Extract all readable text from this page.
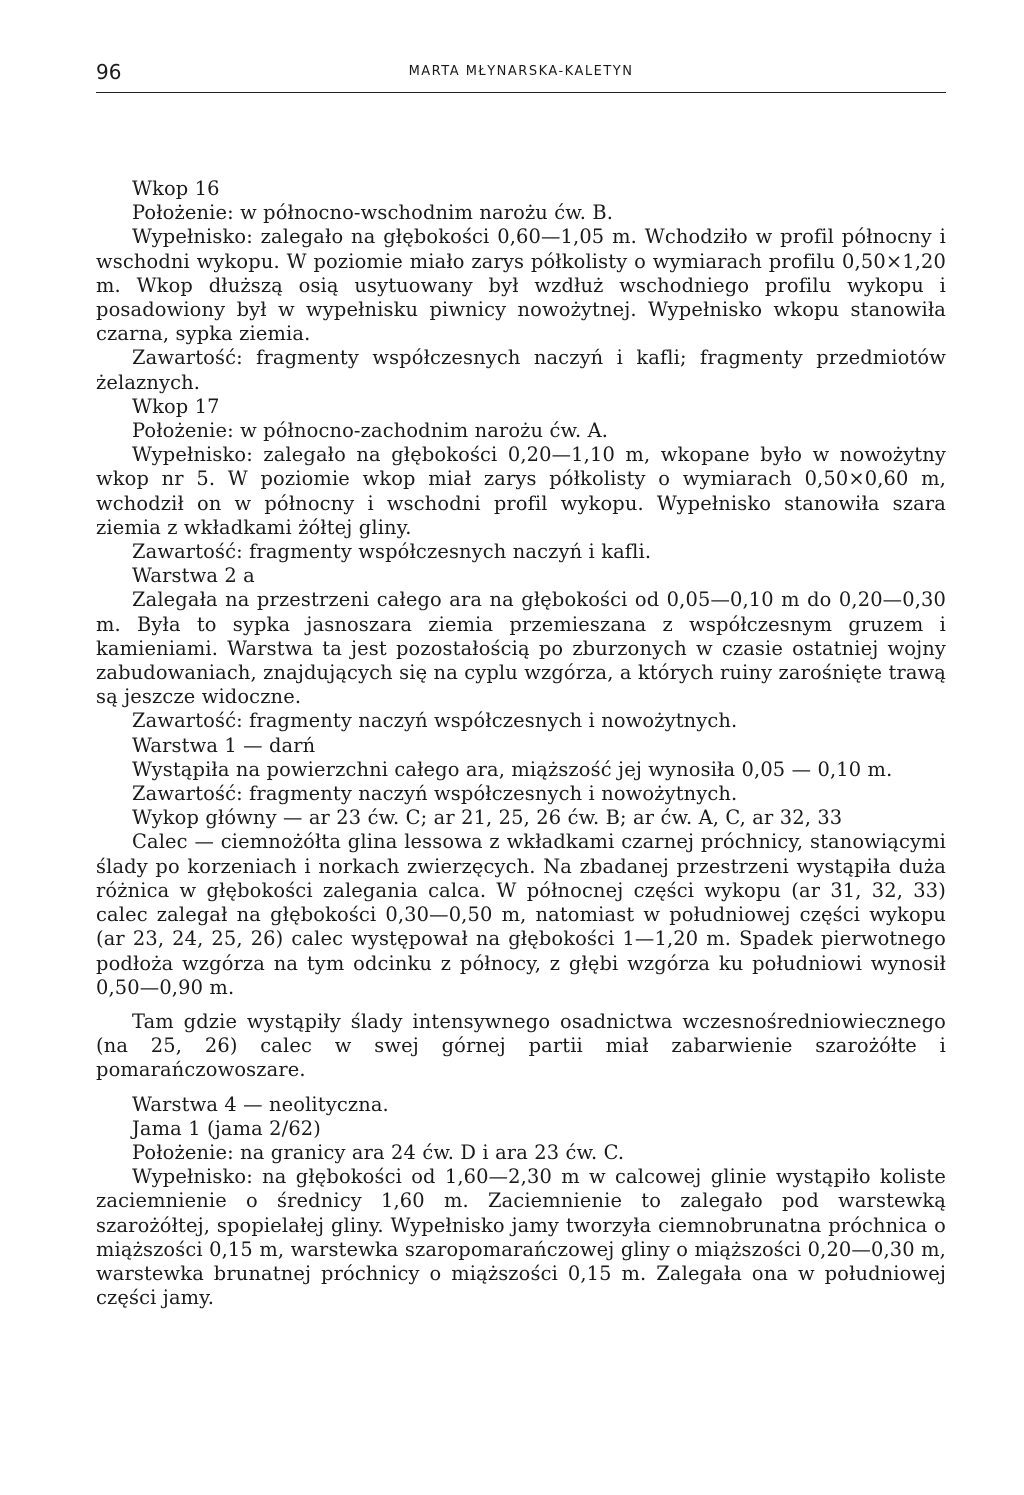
96	MARTA MŁYNARSKA-KALETYN

Wkop 16

Położenie: w północno-wschodnim narożu ćw. B.

Wypełnisko: zalegało na głębokości 0,60—1,05 m. Wchodziło w profil północny i wschodni wykopu. W poziomie miało zarys półkolisty o wymiarach profilu 0,50×1,20 m. Wkop dłuższą osią usytuowany był wzdłuż wschodniego profilu wykopu i posadowiony był w wypełnisku piwnicy nowożytnej. Wypełnisko wkopu stanowiła czarna, sypka ziemia.

Zawartość: fragmenty współczesnych naczyń i kafli; fragmenty przedmiotów żelaznych.

Wkop 17

Położenie: w północno-zachodnim narożu ćw. A.

Wypełnisko: zalegało na głębokości 0,20—1,10 m, wkopane było w nowożytny wkop nr 5. W poziomie wkop miał zarys półkolisty o wymiarach 0,50×0,60 m, wchodził on w północny i wschodni profil wykopu. Wypełnisko stanowiła szara ziemia z wkładkami żółtej gliny.

Zawartość: fragmenty współczesnych naczyń i kafli.

Warstwa 2 a

Zalegała na przestrzeni całego ara na głębokości od 0,05—0,10 m do 0,20—0,30 m. Była to sypka jasnoszara ziemia przemieszana z współczesnym gruzem i kamieniami. Warstwa ta jest pozostałością po zburzonych w czasie ostatniej wojny zabudowaniach, znajdujących się na cyplu wzgórza, a których ruiny zarośnięte trawą są jeszcze widoczne.

Zawartość: fragmenty naczyń współczesnych i nowożytnych.

Warstwa 1 — darń

Wystąpiła na powierzchni całego ara, miąższość jej wynosiła 0,05 — 0,10 m.

Zawartość: fragmenty naczyń współczesnych i nowożytnych.

Wykop główny — ar 23 ćw. C; ar 21, 25, 26 ćw. B; ar ćw. A, C, ar 32, 33

Calec — ciemnożółta glina lessowa z wkładkami czarnej próchnicy, stanowiącymi ślady po korzeniach i norkach zwierzęcych. Na zbadanej przestrzeni wystąpiła duża różnica w głębokości zalegania calca. W północnej części wykopu (ar 31, 32, 33) calec zalegał na głębokości 0,30—0,50 m, natomiast w południowej części wykopu (ar 23, 24, 25, 26) calec występował na głębokości 1—1,20 m. Spadek pierwotnego podłoża wzgórza na tym odcinku z północy, z głębi wzgórza ku południowi wynosił 0,50—0,90 m.

Tam gdzie wystąpiły ślady intensywnego osadnictwa wczesnośredniowiecznego (na 25, 26) calec w swej górnej partii miał zabarwienie szarożółte i pomarańczowoszare.

Warstwa 4 — neolityczna.

Jama 1 (jama 2/62)

Położenie: na granicy ara 24 ćw. D i ara 23 ćw. C.

Wypełnisko: na głębokości od 1,60—2,30 m w calcowej glinie wystąpiło koliste zaciemnienie o średnicy 1,60 m. Zaciemnienie to zalegało pod warstewką szarożółtej, spopielałej gliny. Wypełnisko jamy tworzyła ciemnobrunatna próchnica o miąższości 0,15 m, warstewka szaropomarańczowej gliny o miąższości 0,20—0,30 m, warstewka brunatnej próchnicy o miąższości 0,15 m. Zalegała ona w południowej części jamy.
